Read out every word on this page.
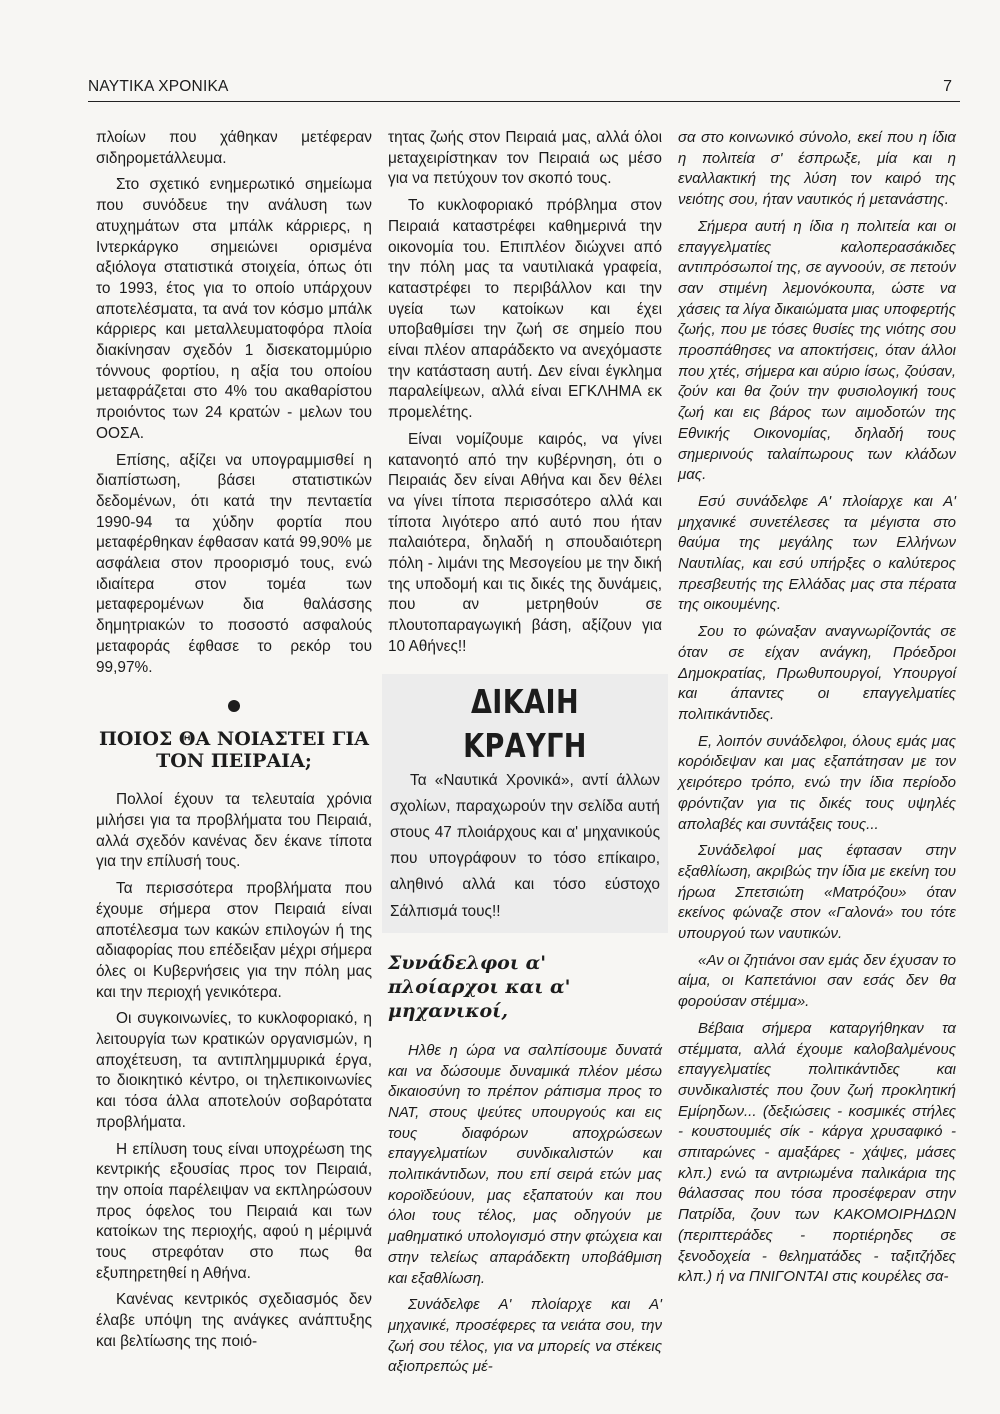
ΝΑΥΤΙΚΑ ΧΡΟΝΙΚΑ	7

πλοίων που χάθηκαν μετέφεραν σιδηρομετάλλευμα.

Στο σχετικό ενημερωτικό σημείωμα που συνόδευε την ανάλυση των ατυχημάτων στα μπάλκ κάρριερς, η Ιντερκάργκο σημειώνει ορισμένα αξιόλογα στατιστικά στοιχεία, όπως ότι το 1993, έτος για το οποίο υπάρχουν αποτελέσματα, τα ανά τον κόσμο μπάλκ κάρριερς και μεταλλευματοφόρα πλοία διακίνησαν σχεδόν 1 δισεκατομμύριο τόννους φορτίου, η αξία του οποίου μεταφράζεται στο 4% του ακαθαρίστου προιόντος των 24 κρατών - μελων του ΟΟΣΑ.

Επίσης, αξίζει να υπογραμμισθεί η διαπίστωση, βάσει στατιστικών δεδομένων, ότι κατά την πενταετία 1990-94 τα χύδην φορτία που μεταφέρθηκαν έφθασαν κατά 99,90% με ασφάλεια στον προορισμό τους, ενώ ιδιαίτερα στον τομέα των μεταφερομένων δια θαλάσσης δημητριακών το ποσοστό ασφαλούς μεταφοράς έφθασε το ρεκόρ του 99,97%.

ΠΟΙΟΣ ΘΑ ΝΟΙΑΣΤΕΙ ΓΙΑ ΤΟΝ ΠΕΙΡΑΙΑ;

Πολλοί έχουν τα τελευταία χρόνια μιλήσει για τα προβλήματα του Πειραιά, αλλά σχεδόν κανένας δεν έκανε τίποτα για την επίλυσή τους.

Τα περισσότερα προβλήματα που έχουμε σήμερα στον Πειραιά είναι αποτέλεσμα των κακών επιλογών ή της αδιαφορίας που επέδειξαν μέχρι σήμερα όλες οι Κυβερνήσεις για την πόλη μας και την περιοχή γενικότερα.

Οι συγκοινωνίες, το κυκλοφοριακό, η λειτουργία των κρατικών οργανισμών, η αποχέτευση, τα αντιπλημμυρικά έργα, το διοικητικό κέντρο, οι τηλεπικοινωνίες και τόσα άλλα αποτελούν σοβαρότατα προβλήματα.

Η επίλυση τους είναι υποχρέωση της κεντρικής εξουσίας προς τον Πειραιά, την οποία παρέλειψαν να εκπληρώσουν προς όφελος του Πειραιά και των κατοίκων της περιοχής, αφού η μέριμνά τους στρεφόταν στο πως θα εξυπηρετηθεί η Αθήνα.

Κανένας κεντρικός σχεδιασμός δεν έλαβε υπόψη της ανάγκες ανάπτυξης και βελτίωσης της ποιό-

τητας ζωής στον Πειραιά μας, αλλά όλοι μεταχειρίστηκαν τον Πειραιά ως μέσο για να πετύχουν τον σκοπό τους.

Το κυκλοφοριακό πρόβλημα στον Πειραιά καταστρέφει καθημερινά την οικονομία του. Επιπλέον διώχνει από την πόλη μας τα ναυτιλιακά γραφεία, καταστρέφει το περιβάλλον και την υγεία των κατοίκων και έχει υποβαθμίσει την ζωή σε σημείο που είναι πλέον απαράδεκτο να ανεχόμαστε την κατάσταση αυτή. Δεν είναι έγκλημα παραλείψεων, αλλά είναι ΕΓΚΛΗΜΑ εκ προμελέτης.

Είναι νομίζουμε καιρός, να γίνει κατανοητό από την κυβέρνηση, ότι ο Πειραιάς δεν είναι Αθήνα και δεν θέλει να γίνει τίποτα περισσότερο αλλά και τίποτα λιγότερο από αυτό που ήταν παλαιότερα, δηλαδή η σπουδαιότερη πόλη - λιμάνι της Μεσογείου με την δική της υποδομή και τις δικές της δυνάμεις, που αν μετρηθούν σε πλουτοπαραγωγική βάση, αξίζουν για 10 Αθήνες!!

ΔΙΚΑΙΗ ΚΡΑΥΓΗ

Τα «Ναυτικά Χρονικά», αντί άλλων σχολίων, παραχωρούν την σελίδα αυτή στους 47 πλοιάρχους και α' μηχανικούς που υπογράφουν το τόσο επίκαιρο, αληθινό αλλά και τόσο εύστοχο Σάλπισμά τους!!

Συνάδελφοι α' πλοίαρχοι και α' μηχανικοί,

Ηλθε η ώρα να σαλπίσουμε δυνατά και να δώσουμε δυναμικά πλέον μέσω δικαιοσύνη το πρέπον ράπισμα προς το ΝΑΤ, στους ψεύτες υπουργούς και εις τους διαφόρων αποχρώσεων επαγγελματίων συνδικαλιστών και πολιτικάντιδων, που επί σειρά ετών μας κοροϊδεύουν, μας εξαπατούν και που όλοι τους τέλος, μας οδηγούν με μαθηματικό υπολογισμό στην φτώχεια και στην τελείως απαράδεκτη υποβάθμιση και εξαθλίωση.

Συνάδελφε Α' πλοίαρχε και Α' μηχανικέ, προσέφερες τα νειάτα σου, την ζωή σου τέλος, για να μπορείς να στέκεις αξιοπρεπώς μέ-

σα στο κοινωνικό σύνολο, εκεί που η ίδια η πολιτεία σ' έσπρωξε, μία και η εναλλακτική της λύση τον καιρό της νειότης σου, ήταν ναυτικός ή μετανάστης.

Σήμερα αυτή η ίδια η πολιτεία και οι επαγγελματίες καλοπερασάκιδες αντιπρόσωποί της, σε αγνοούν, σε πετούν σαν στιμένη λεμονόκουπα, ώστε να χάσεις τα λίγα δικαιώματα μιας υποφερτής ζωής, που με τόσες θυσίες της νιότης σου προσπάθησες να αποκτήσεις, όταν άλλοι που χτές, σήμερα και αύριο ίσως, ζούσαν, ζούν και θα ζούν την φυσιολογική τους ζωή και εις βάρος των αιμοδοτών της Εθνικής Οικονομίας, δηλαδή τους σημερινούς ταλαίπωρους των κλάδων μας.

Εσύ συνάδελφε Α' πλοίαρχε και Α' μηχανικέ συνετέλεσες τα μέγιστα στο θαύμα της μεγάλης των Ελλήνων Ναυτιλίας, και εσύ υπήρξες ο καλύτερος πρεσβευτής της Ελλάδας μας στα πέρατα της οικουμένης.

Σου το φώναξαν αναγνωρίζοντάς σε όταν σε είχαν ανάγκη, Πρόεδροι Δημοκρατίας, Πρωθυπουργοί, Υπουργοί και άπαντες οι επαγγελματίες πολιτικάντιδες.

Ε, λοιπόν συνάδελφοι, όλους εμάς μας κορόιδεψαν και μας εξαπάτησαν με τον χειρότερο τρόπο, ενώ την ίδια περίοδο φρόντιζαν για τις δικές τους υψηλές απολαβές και συντάξεις τους...

Συνάδελφοί μας έφτασαν στην εξαθλίωση, ακριβώς την ίδια με εκείνη του ήρωα Σπετσιώτη «Ματρόζου» όταν εκείνος φώναζε στον «Γαλονά» του τότε υπουργού των ναυτικών.

«Αν οι ζητιάνοι σαν εμάς δεν έχυσαν το αίμα, οι Καπετάνιοι σαν εσάς δεν θα φορούσαν στέμμα».

Βέβαια σήμερα καταργήθηκαν τα στέμματα, αλλά έχουμε καλοβαλμένους επαγγελματίες πολιτικάντιδες και συνδικαλιστές που ζουν ζωή προκλητική Εμίρηδων... (δεξιώσεις - κοσμικές στήλες - κουστουμιές σίκ - κάργα χρυσαφικό - σπιταρώνες - αμαξάρες - χάψες, μάσες κλπ.) ενώ τα αντριωμένα παλικάρια της θάλασσας που τόσα προσέφεραν στην Πατρίδα, ζουν των ΚΑΚΟΜΟΙΡΗΔΩΝ (περιπτεράδες - πορτιέρηδες σε ξενοδοχεία - θεληματάδες - ταξιτζήδες κλπ.) ή να ΠΝΙΓΟΝΤΑΙ στις κουρέλες σα-
